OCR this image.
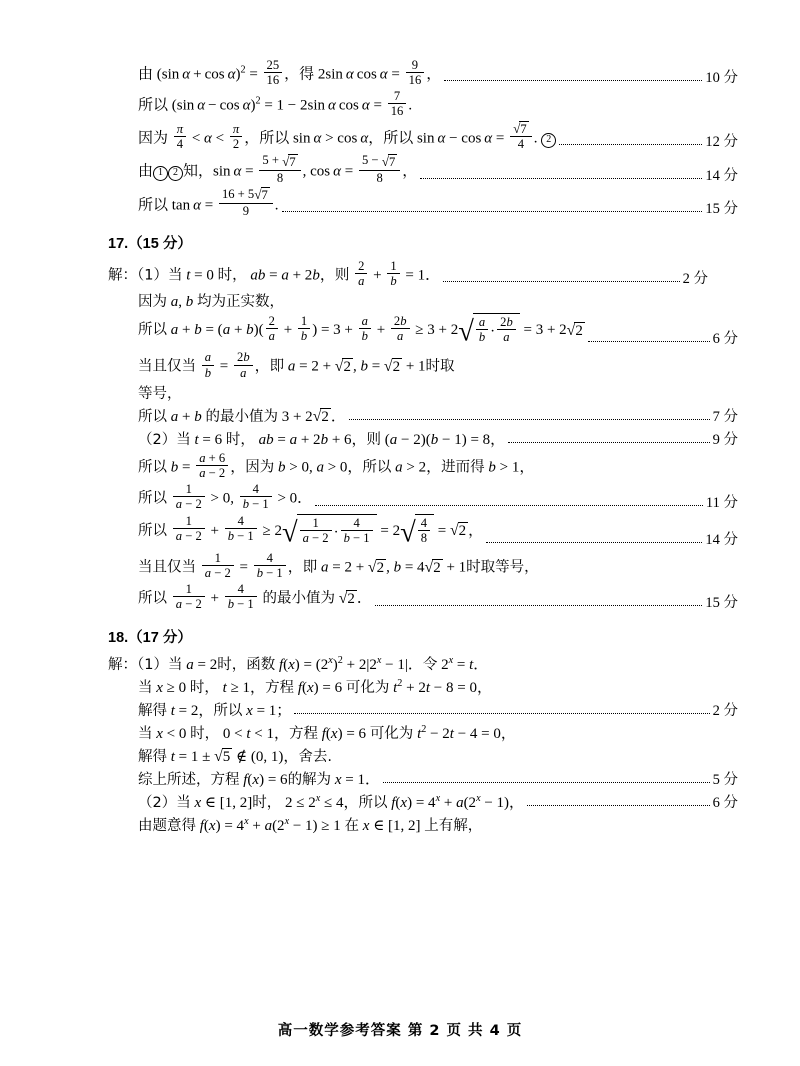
由 (sin $\alpha + \cos \alpha)^2 = \frac{25}{16}$ ，得 2sin α $\cos \alpha = \frac{9}{16}$ ，	10 分
所以 (sin α − cos α)$^2$ = 1 − 2sin α $\cos \alpha = \frac{7}{16}$ .
因为 $\frac{\pi}{4} < \alpha < \frac{\pi}{2}$ ，所以 sin α > cos α，所以 $\sin \alpha - \cos \alpha = \frac{√7}{4}$ . 2	12 分
由 1 2 知，$\sin \alpha = \frac{5 + √7}{8}$ , $\cos \alpha = \frac{5 - √7}{8}$ ，	14 分
所以 $\tan \alpha = \frac{16 + 5√7}{9}$ .	15 分
17.（15 分）
解：（1）当 t = 0 时， ab = a + 2b，则 $\frac{2}{a} + \frac{1}{b} = 1$．	2 分
因为 a, b 均为正实数，
所以 $a + b = (a + b)( \frac{2}{a} + \frac{1}{b}$ ) = $3 + \frac{a}{b} + \frac{2b}{a} \ge 3 + 2√ \frac{a}{b} \cdot \frac{2b}{a} = 3 + 2√2$
6 分
当且仅当 $\frac{a}{b} = \frac{2b}{a}$ ，即 a = 2 + √2 , b = √2 + 1时取
等号，
所以 a + b 的最小值为 3 + 2√2 ．	7 分
（2）当 t = 6 时， ab = a + 2b + 6，则 (a − 2)(b − 1) = 8，	9 分
所以 $b = \frac{a + 6}{a - 2}$ ，因为 b > 0, a > 0，所以 a > 2，进而得 b > 1，
所以 $\frac{1}{a - 2} > 0$, $\frac{4}{b - 1} > 0$．	11 分
所以 $\frac{1}{a - 2} + \frac{4}{b - 1} \ge 2√ \frac{1}{a - 2} \cdot \frac{4}{b - 1} = 2√ \frac{4}{8} = √2$ ，
14 分
当且仅当 $\frac{1}{a - 2} = \frac{4}{b - 1}$ ，即 a = 2 + √2 , b = 4√2 + 1时取等号，
所以 $\frac{1}{a - 2} + \frac{4}{b - 1}$ 的最小值为 √2 ．	15 分
18.（17 分）
解：（1）当 a = 2时，函数 $f(x) = (2^x)^2 + 2|2^x - 1|$．令 $2^x = t$．
当 x ≥ 0 时， t ≥ 1，方程 f(x) = 6 可化为 $t^2 + 2t - 8 = 0$，
解得 t = 2，所以 x = 1；	2 分
当 x < 0 时， 0 < t < 1，方程 f(x) = 6 可化为 $t^2 - 2t - 4 = 0$，
解得 t = 1 ± √5 ∉ (0, 1)，舍去.
综上所述，方程 f(x) = 6的解为 x = 1．	5 分
（2）当 x ∈ [1, 2]时， $2 \le 2^x \le 4$，所以 $f(x) = 4^x + a(2^x - 1)$，	6 分
由题意得 $f(x) = 4^x + a(2^x - 1) \ge 1$ 在 x ∈ [1, 2] 上有解，
高一数学参考答案 第 2 页 共 4 页
